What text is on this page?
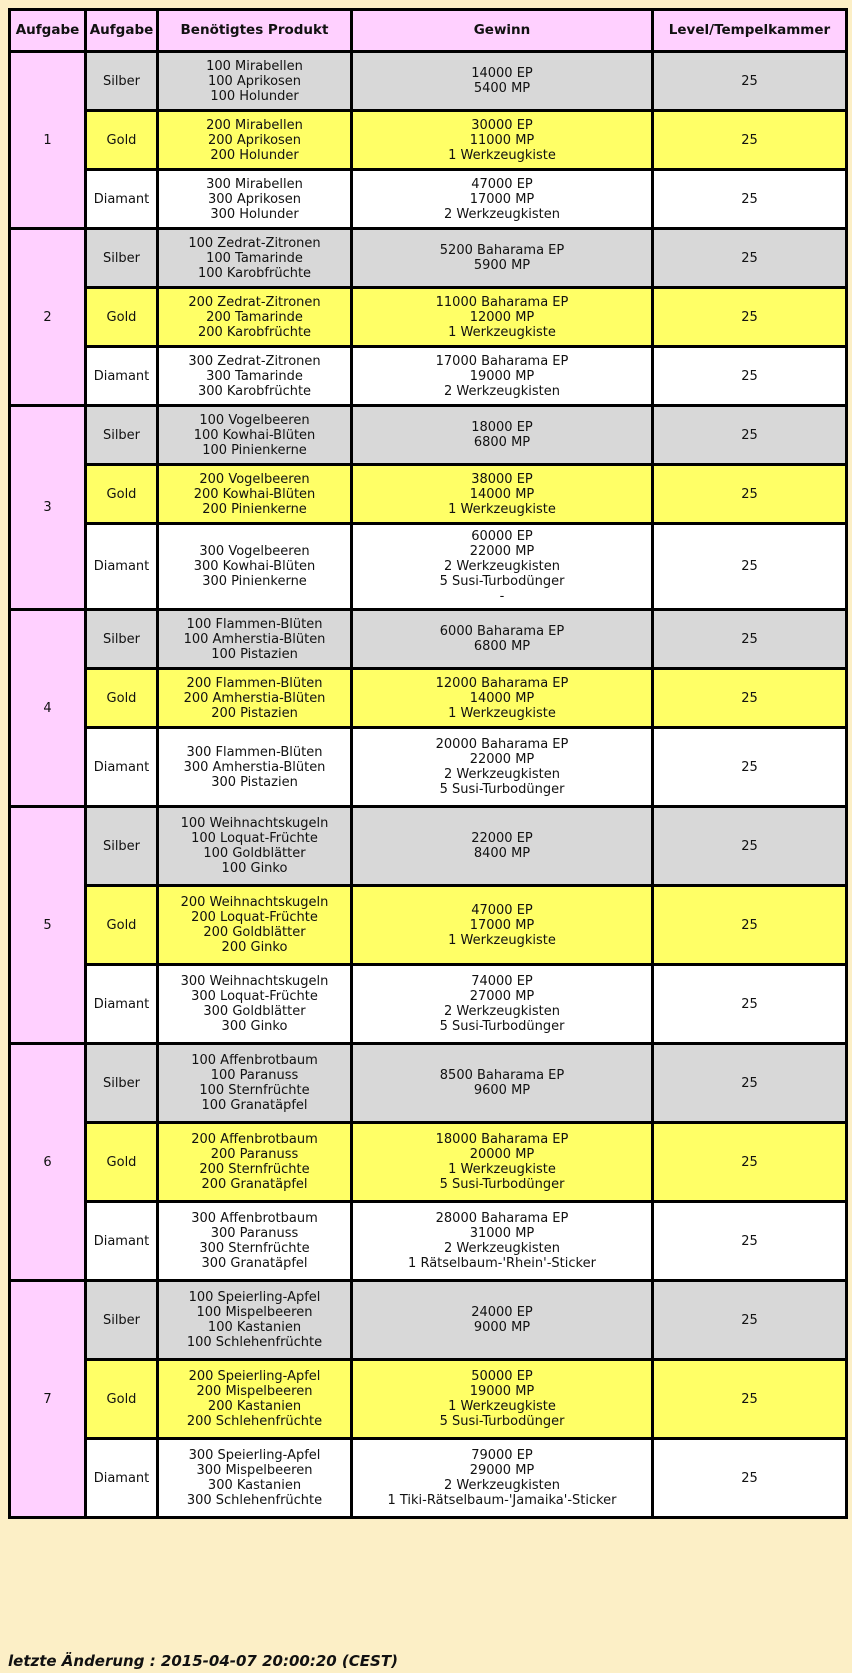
Aufgabe	Aufgabe	Benötigtes Produkt	Gewinn	Level/Tempelkammer
1	Silber	100 Mirabellen
100 Aprikosen
100 Holunder	14000 EP
5400 MP	25
	Gold	200 Mirabellen
200 Aprikosen
200 Holunder	30000 EP
11000 MP
1 Werkzeugkiste	25
	Diamant	300 Mirabellen
300 Aprikosen
300 Holunder	47000 EP
17000 MP
2 Werkzeugkisten	25
2	Silber	100 Zedrat-Zitronen
100 Tamarinde
100 Karobfrüchte	5200 Baharama EP
5900 MP	25
	Gold	200 Zedrat-Zitronen
200 Tamarinde
200 Karobfrüchte	11000 Baharama EP
12000 MP
1 Werkzeugkiste	25
	Diamant	300 Zedrat-Zitronen
300 Tamarinde
300 Karobfrüchte	17000 Baharama EP
19000 MP
2 Werkzeugkisten	25
3	Silber	100 Vogelbeeren
100 Kowhai-Blüten
100 Pinienkerne	18000 EP
6800 MP	25
	Gold	200 Vogelbeeren
200 Kowhai-Blüten
200 Pinienkerne	38000 EP
14000 MP
1 Werkzeugkiste	25
	Diamant	300 Vogelbeeren
300 Kowhai-Blüten
300 Pinienkerne	60000 EP
22000 MP
2 Werkzeugkisten
5 Susi-Turbodünger
-	25
4	Silber	100 Flammen-Blüten
100 Amherstia-Blüten
100 Pistazien	6000 Baharama EP
6800 MP	25
	Gold	200 Flammen-Blüten
200 Amherstia-Blüten
200 Pistazien	12000 Baharama EP
14000 MP
1 Werkzeugkiste	25
	Diamant	300 Flammen-Blüten
300 Amherstia-Blüten
300 Pistazien	20000 Baharama EP
22000 MP
2 Werkzeugkisten
5 Susi-Turbodünger	25
5	Silber	100 Weihnachtskugeln
100 Loquat-Früchte
100 Goldblätter
100 Ginko	22000 EP
8400 MP	25
	Gold	200 Weihnachtskugeln
200 Loquat-Früchte
200 Goldblätter
200 Ginko	47000 EP
17000 MP
1 Werkzeugkiste	25
	Diamant	300 Weihnachtskugeln
300 Loquat-Früchte
300 Goldblätter
300 Ginko	74000 EP
27000 MP
2 Werkzeugkisten
5 Susi-Turbodünger	25
6	Silber	100 Affenbrotbaum
100 Paranuss
100 Sternfrüchte
100 Granatäpfel	8500 Baharama EP
9600 MP	25
	Gold	200 Affenbrotbaum
200 Paranuss
200 Sternfrüchte
200 Granatäpfel	18000 Baharama EP
20000 MP
1 Werkzeugkiste
5 Susi-Turbodünger	25
	Diamant	300 Affenbrotbaum
300 Paranuss
300 Sternfrüchte
300 Granatäpfel	28000 Baharama EP
31000 MP
2 Werkzeugkisten
1 Rätselbaum-'Rhein'-Sticker	25
7	Silber	100 Speierling-Apfel
100 Mispelbeeren
100 Kastanien
100 Schlehenfrüchte	24000 EP
9000 MP	25
	Gold	200 Speierling-Apfel
200 Mispelbeeren
200 Kastanien
200 Schlehenfrüchte	50000 EP
19000 MP
1 Werkzeugkiste
5 Susi-Turbodünger	25
	Diamant	300 Speierling-Apfel
300 Mispelbeeren
300 Kastanien
300 Schlehenfrüchte	79000 EP
29000 MP
2 Werkzeugkisten
1 Tiki-Rätselbaum-'Jamaika'-Sticker	25
letzte Änderung : 2015-04-07 20:00:20 (CEST)
